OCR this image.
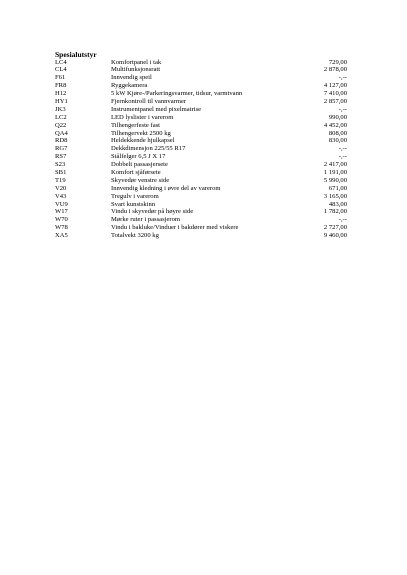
Spesialutstyr
LC4	Komfortpanel i tak	729,00
CL4	Multifunksjonsratt	2 878,00
F61	Innvendig speil	-,--
FR8	Ryggekamera	4 127,00
H12	5 kW Kjøre-/Parkeringsvarmer, tidsur, varmtvann	7 410,00
HY1	Fjernkontroll til vannvarmer	2 857,00
JK3	Instrumentpanel med pixelmatrise	-,--
LC2	LED lyslister i varerom	990,00
Q22	Tilhengerfeste fast	4 452,00
QA4	Tilhengervekt 2500 kg	808,00
RD8	Heldekkende hjulkapsel	830,00
RG7	Dekkdimensjon 225/55 R17	-,--
RS7	Stålfelger 6,5 J X 17	-,--
S23	Dobbelt passasjersete	2 417,00
SB1	Komfort sjåførsete	1 191,00
T19	Skyvedør venstre side	5 990,00
V20	Innvendig kledning i øvre del av varerom	671,00
V43	Tregulv i varerom	3 165,00
VU9	Svart kunstskinn	483,00
W17	Vindu i skyvedør på høyre side	1 782,00
W70	Mørke ruter i passasjerom	-,--
W78	Vindu i bakluke/Vinduer i bakdører med viskere	2 727,00
XA5	Totalvekt 3200 kg	9 460,00
